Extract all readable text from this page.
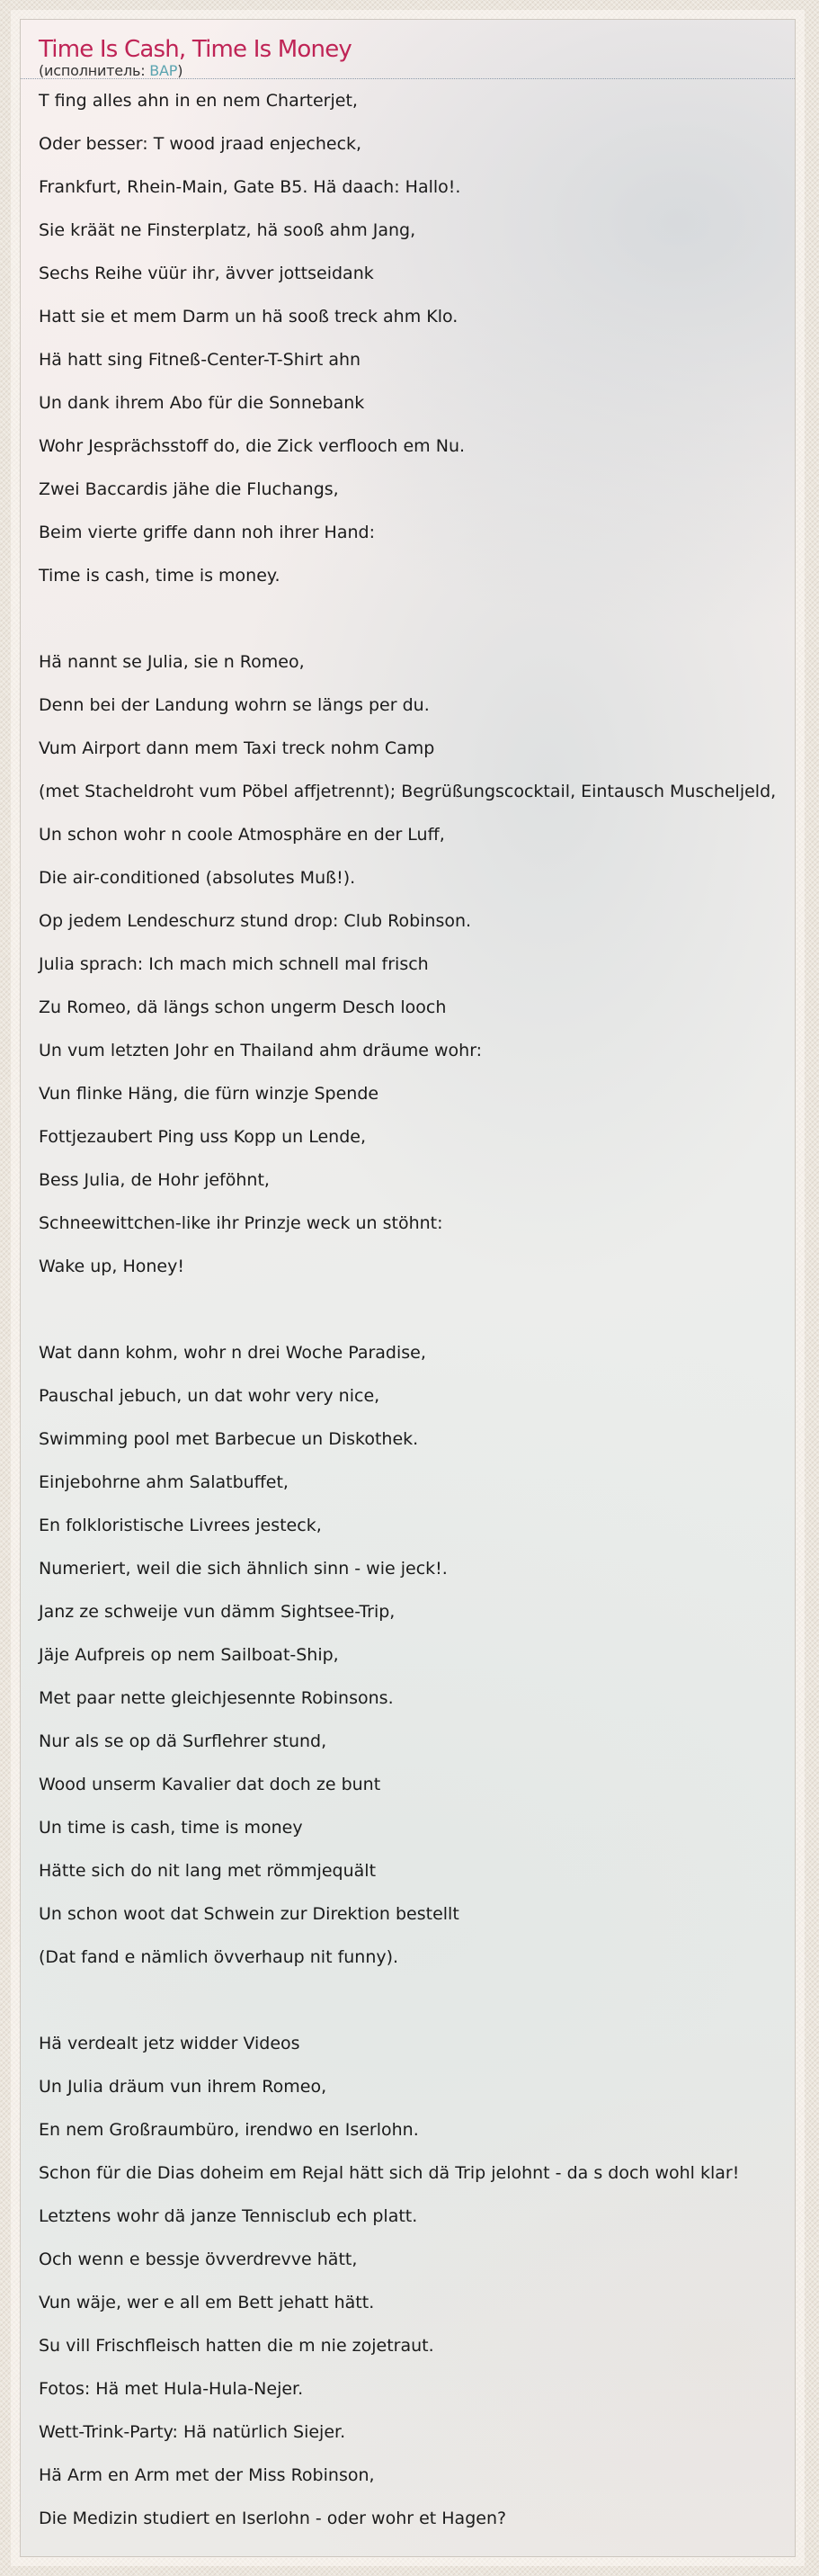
Time Is Cash, Time Is Money
(исполнитель: BAP)

T fing alles ahn in en nem Charterjet,

Oder besser: T wood jraad enjecheck,

Frankfurt, Rhein-Main, Gate B5. Hä daach: Hallo!.

Sie kräät ne Finsterplatz, hä sooß ahm Jang,

Sechs Reihe vüür ihr, ävver jottseidank

Hatt sie et mem Darm un hä sooß treck ahm Klo.

Hä hatt sing Fitneß-Center-T-Shirt ahn

Un dank ihrem Abo für die Sonnebank

Wohr Jesprächsstoff do, die Zick verflooch em Nu.

Zwei Baccardis jähe die Fluchangs,

Beim vierte griffe dann noh ihrer Hand:

Time is cash, time is money.

Hä nannt se Julia, sie n Romeo,

Denn bei der Landung wohrn se längs per du.

Vum Airport dann mem Taxi treck nohm Camp

(met Stacheldroht vum Pöbel affjetrennt); Begrüßungscocktail, Eintausch Muscheljeld,

Un schon wohr n coole Atmosphäre en der Luff,

Die air-conditioned (absolutes Muß!).

Op jedem Lendeschurz stund drop: Club Robinson.

Julia sprach: Ich mach mich schnell mal frisch

Zu Romeo, dä längs schon ungerm Desch looch

Un vum letzten Johr en Thailand ahm dräume wohr:

Vun flinke Häng, die fürn winzje Spende

Fottjezaubert Ping uss Kopp un Lende,

Bess Julia, de Hohr jeföhnt,

Schneewittchen-like ihr Prinzje weck un stöhnt:

Wake up, Honey!

Wat dann kohm, wohr n drei Woche Paradise,

Pauschal jebuch, un dat wohr very nice,

Swimming pool met Barbecue un Diskothek.

Einjebohrne ahm Salatbuffet,

En folkloristische Livrees jesteck,

Numeriert, weil die sich ähnlich sinn - wie jeck!.

Janz ze schweije vun dämm Sightsee-Trip,

Jäje Aufpreis op nem Sailboat-Ship,

Met paar nette gleichjesennte Robinsons.

Nur als se op dä Surflehrer stund,

Wood unserm Kavalier dat doch ze bunt

Un time is cash, time is money

Hätte sich do nit lang met römmjequält

Un schon woot dat Schwein zur Direktion bestellt

(Dat fand e nämlich övverhaup nit funny).

Hä verdealt jetz widder Videos

Un Julia dräum vun ihrem Romeo,

En nem Großraumbüro, irendwo en Iserlohn.

Schon für die Dias doheim em Rejal hätt sich dä Trip jelohnt - da s doch wohl klar!

Letztens wohr dä janze Tennisclub ech platt.

Och wenn e bessje övverdrevve hätt,

Vun wäje, wer e all em Bett jehatt hätt.

Su vill Frischfleisch hatten die m nie zojetraut.

Fotos: Hä met Hula-Hula-Nejer.

Wett-Trink-Party: Hä natürlich Siejer.

Hä Arm en Arm met der Miss Robinson,

Die Medizin studiert en Iserlohn - oder wohr et Hagen?
